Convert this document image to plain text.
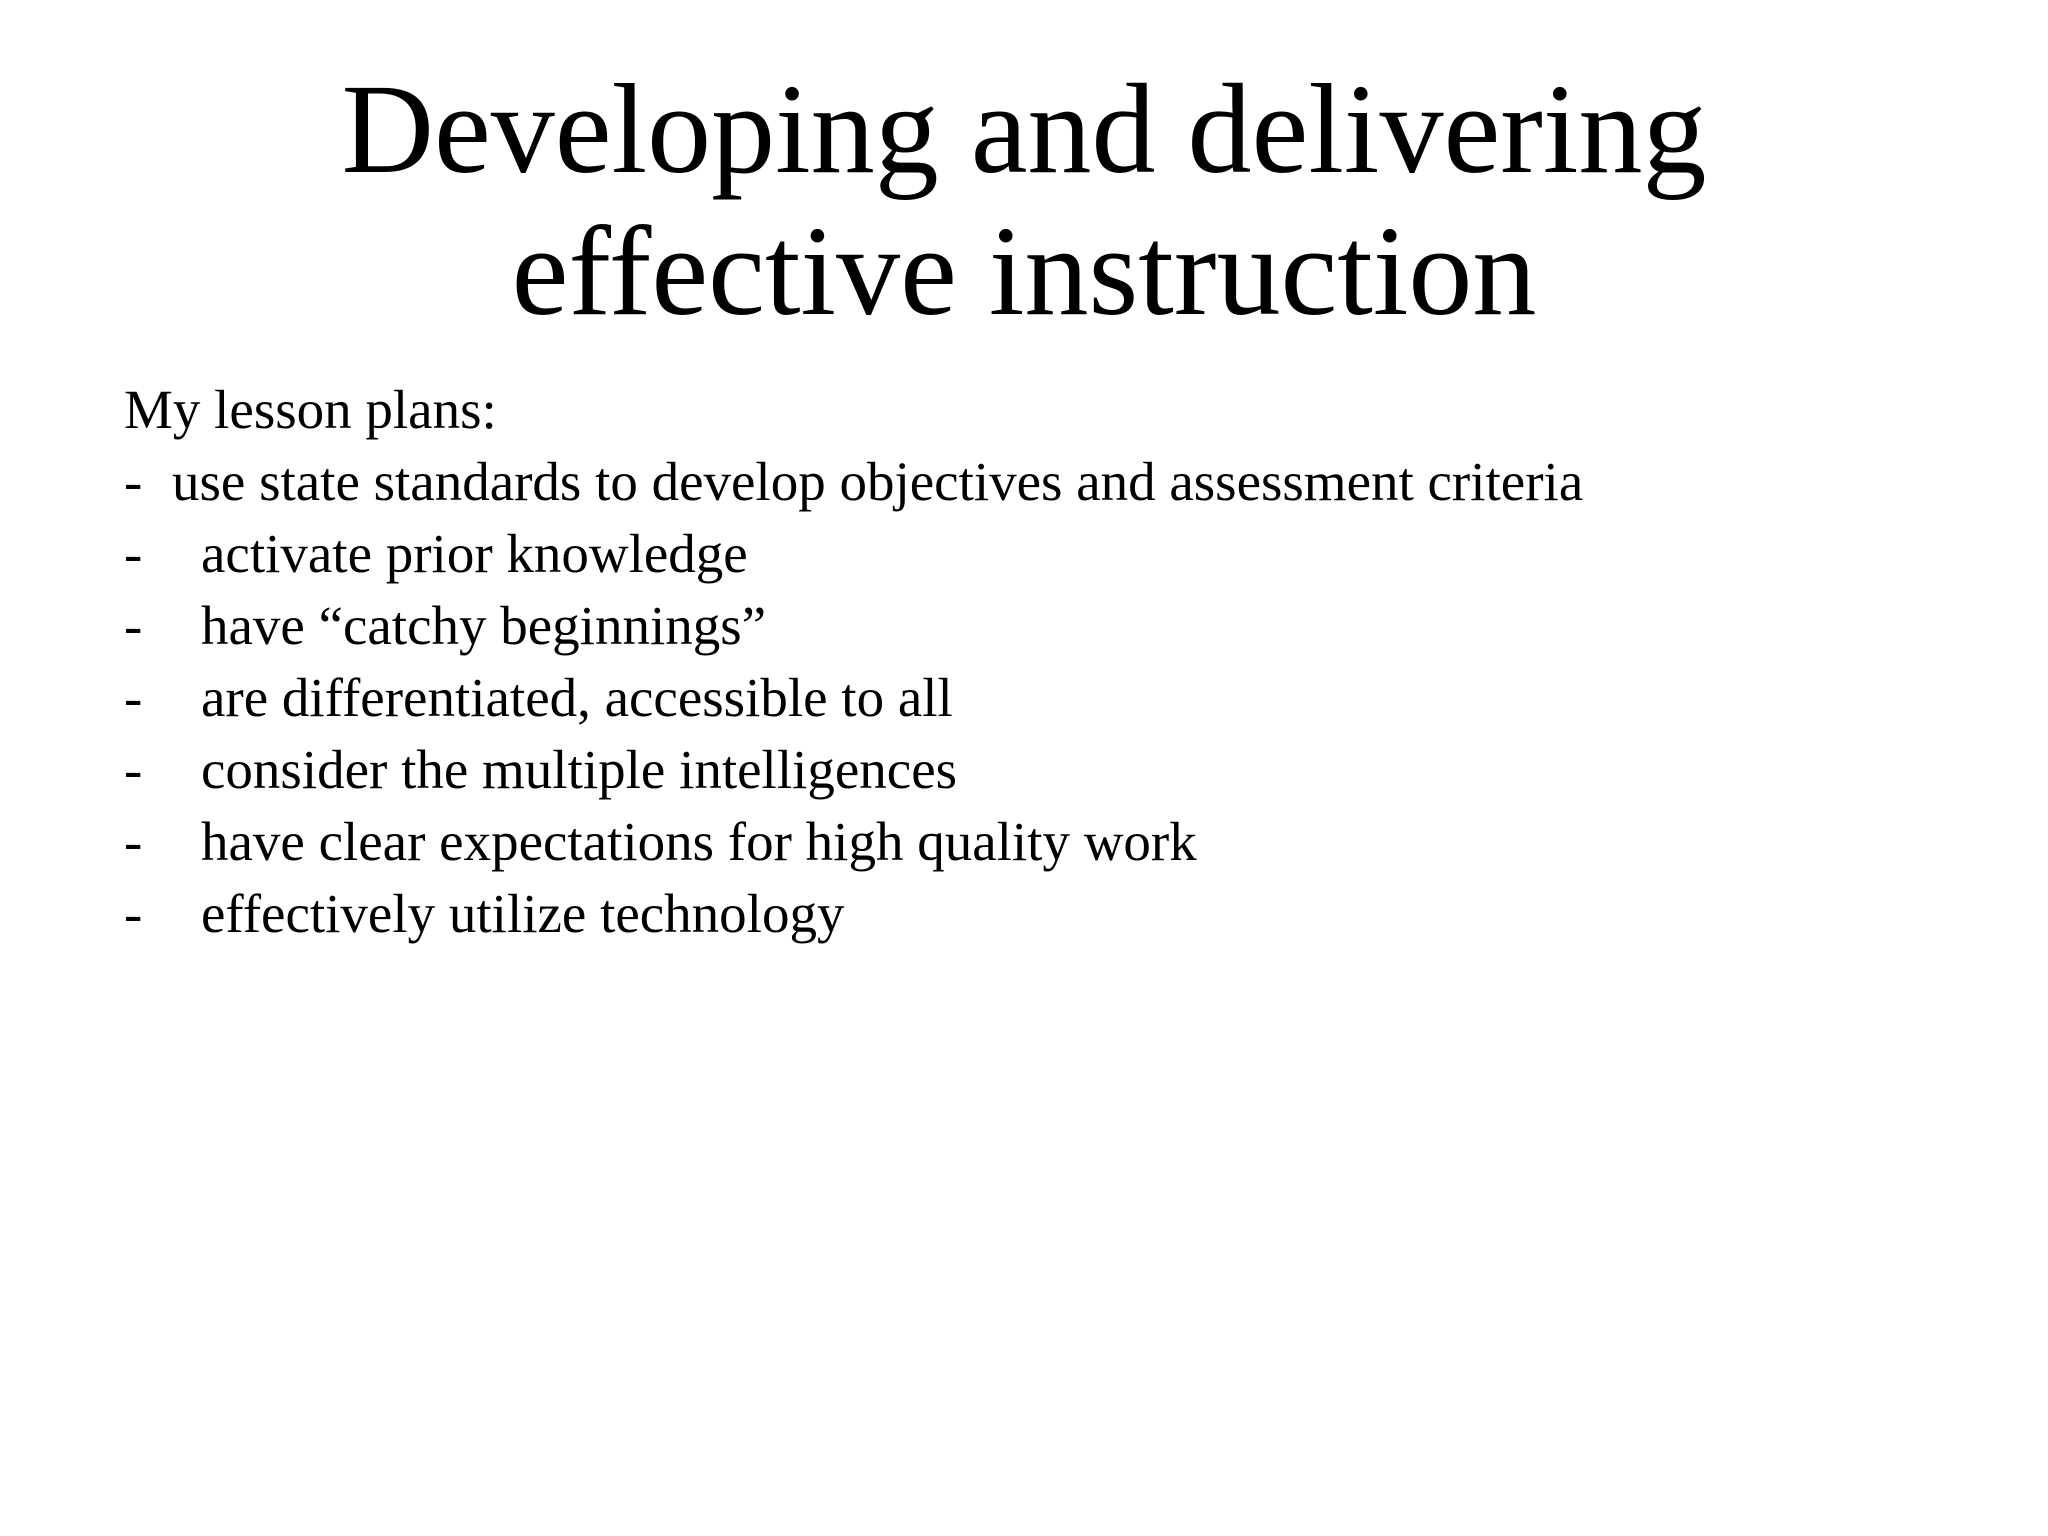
Developing and delivering
effective instruction
My lesson plans:
- use state standards to develop objectives and assessment criteria
- activate prior knowledge
- have “catchy beginnings”
- are differentiated, accessible to all
- consider the multiple intelligences
- have clear expectations for high quality work
- effectively utilize technology
